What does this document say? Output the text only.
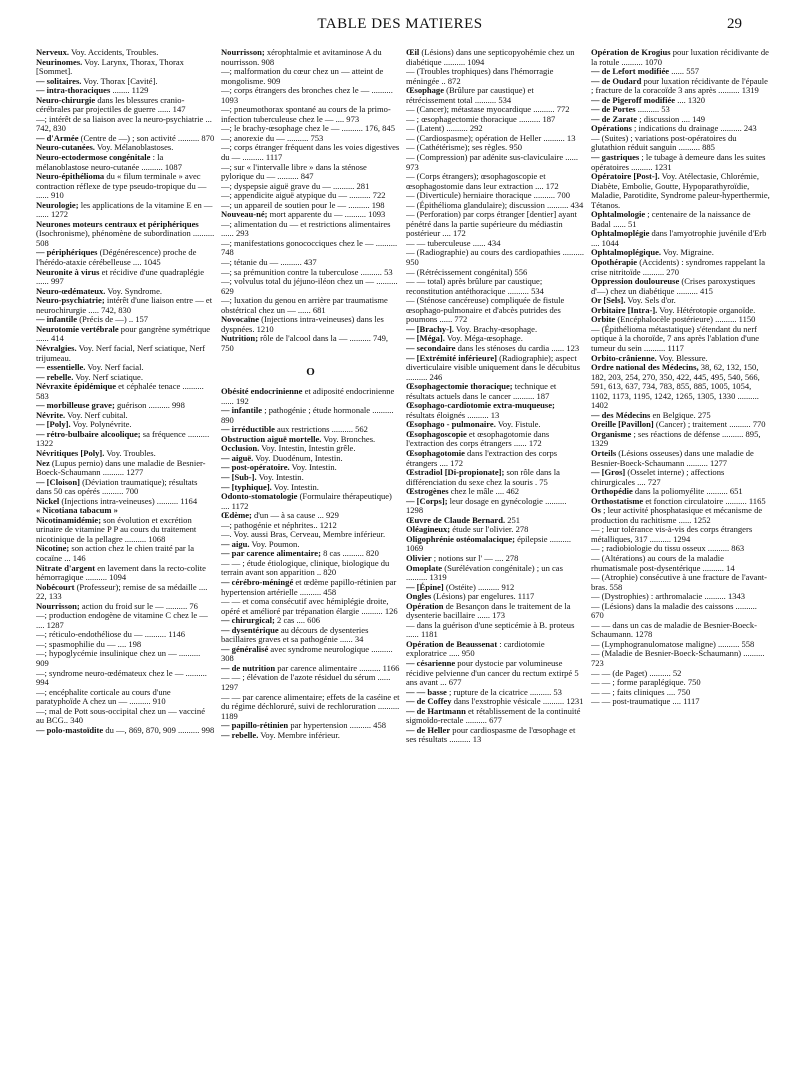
TABLE DES MATIERES	29

Nerveux. Voy. Accidents, Troubles.

Neurinomes. Voy. Larynx, Thorax, Thorax [Sommet].

— solitaires. Voy. Thorax [Cavité].

— intra-thoraciques ........ 1129

Neuro-chirurgie dans les blessures cranio-cérébrales par projectiles de guerre ...... 147

—; intérêt de sa liaison avec la neuro-psychiatrie ... 742, 830

— d'Armée (Centre de —) ; son activité .......... 870

Neuro-cutanées. Voy. Mélanoblastoses.

Neuro-ectodermose congénitale : la mélanoblastose neuro-cutanée .......... 1087

Neuro-épithélioma du « filum terminale » avec contraction réflexe de type pseudo-tropique du — ...... 910

Neurologie; les applications de la vitamine E en — ...... 1272

Neurones moteurs centraux et périphériques (Isochronisme), phénomène de subordination .......... 508

— périphériques (Dégénérescence) proche de l'hérédo-ataxie cérébelleuse .... 1045

Neuronite à virus et récidive d'une quadraplégie ...... 997

Neuro-œdémateux. Voy. Syndrome.

Neuro-psychiatrie; intérêt d'une liaison entre — et neurochirurgie ..... 742, 830

— infantile (Précis de —) .. 157

Neurotomie vertébrale pour gangrène symétrique ...... 414

Névralgies. Voy. Nerf facial, Nerf sciatique, Nerf trijumeau.

— essentielle. Voy. Nerf facial.

— rebelle. Voy. Nerf sciatique.

Névraxite épidémique et céphalée tenace .......... 583

— morbilleuse grave; guérison .......... 998

Névrite. Voy. Nerf cubital.

— [Poly]. Voy. Polynévrite.

— rétro-bulbaire alcoolique; sa fréquence .......... 1322

Névritiques [Poly]. Voy. Troubles.

Nez (Lupus pernio) dans une maladie de Besnier-Boeck-Schaumann .......... 1277

— [Cloison] (Déviation traumatique); résultats dans 50 cas opérés .......... 700

Nickel (Injections intra-veineuses) .......... 1164

« Nicotiana tabacum »

Nicotinamidémie; son évolution et excrétion urinaire de vitamine P P au cours du traitement nicotinique de la pellagre .......... 1068

Nicotine; son action chez le chien traité par la cocaïne ... 146

Nitrate d'argent en lavement dans la recto-colite hémorragique .......... 1094

Nobécourt (Professeur); remise de sa médaille .... 22, 133

Nourrisson; action du froid sur le — .......... 76

—; production endogène de vitamine C chez le — .... 1287

—; réticulo-endothéliose du — .......... 1146

—; spasmophilie du — .... 198

—; hypoglycémie insulinique chez un — .......... 909

—; syndrome neuro-œdémateux chez le — .......... 994

—; encéphalite corticale au cours d'une paratyphoïde A chez un — .......... 910

—; mal de Pott sous-occipital chez un — vacciné au BCG.. 340

— polo-mastoïdite du —, 869, 870, 909 .......... 998

Nourrisson; xérophtalmie et avitaminose A du nourrisson. 908

—; malformation du cœur chez un — atteint de mongolisme. 909

—; corps étrangers des bronches chez le — .......... 1093

—; pneumothorax spontané au cours de la primo-infection tuberculeuse chez le — .... 973

—; le brachy-œsophage chez le — .......... 176, 845

—; anorexie du — .......... 753

—; corps étranger fréquent dans les voies digestives du — .......... 1117

—; sur « l'intervalle libre » dans la sténose pylorique du — .......... 847

—; dyspepsie aiguë grave du — .......... 281

—; appendicite aiguë atypique du — .......... 722

—; un appareil de soutien pour le — .......... 198

Nouveau-né; mort apparente du — .......... 1093

—; alimentation du — et restrictions alimentaires ...... 293

—; manifestations gonococciques chez le — .......... 748

—; tétanie du — .......... 437

—; sa prémunition contre la tuberculose .......... 53

—; volvulus total du jéjuno-iléon chez un — .......... 629

—; luxation du genou en arrière par traumatisme obstétrical chez un — ...... 681

Novocaïne (Injections intra-veineuses) dans les dyspnées. 1210

Nutrition; rôle de l'alcool dans la — .......... 749, 750

O

Obésité endocrinienne et adiposité endocrinienne ...... 192

— infantile ; pathogénie ; étude hormonale .......... 890

— irréductible aux restrictions .......... 562

Obstruction aiguë mortelle. Voy. Bronches.

Occlusion. Voy. Intestin, Intestin grêle.

— aiguë. Voy. Duodénum, Intestin.

— post-opératoire. Voy. Intestin.

— [Sub-]. Voy. Intestin.

— [typhique]. Voy. Intestin.

Odonto-stomatologie (Formulaire thérapeutique) .... 1172

Œdème; d'un — à sa cause ... 929

—; pathogénie et néphrites.. 1212

—. Voy. aussi Bras, Cerveau, Membre inférieur.

— aigu. Voy. Poumon.

— par carence alimentaire; 8 cas .......... 820

— — ; étude étiologique, clinique, biologique du terrain avant son apparition .. 820

— cérébro-méningé et œdème papillo-rétinien par hypertension artérielle .......... 458

— — et coma consécutif avec hémiplégie droite, opéré et amélioré par trépanation élargie .......... 126

— chirurgical; 2 cas .... 606

— dysentérique au décours de dysenteries bacillaires graves et sa pathogénie ...... 34

— généralisé avec syndrome neurologique .......... 308

— de nutrition par carence alimentaire .......... 1166

— — ; élévation de l'azote résiduel du sérum ...... 1297

— — par carence alimentaire; effets de la caséine et du régime déchloruré, suivi de rechloruration .......... 1189

— papillo-rétinien par hypertension .......... 458

— rebelle. Voy. Membre inférieur.

Œil (Lésions) dans une septicopyohémie chez un diabétique .......... 1094

— (Troubles trophiques) dans l'hémorragie méningée .. 872

Œsophage (Brûlure par caustique) et rétrécissement total .......... 534

— (Cancer); métastase myocardique .......... 772

— ; œsophagectomie thoracique .......... 187

— (Latent) .......... 292

— (Cardiospasme); opération de Heller .......... 13

— (Cathétérisme); ses règles. 950

— (Compression) par adénite sus-claviculaire ...... 973

— (Corps étrangers); œsophagoscopie et œsophagostomie dans leur extraction .... 172

— (Diverticule) herniaire thoracique .......... 700

— (Épithélioma glandulaire); discussion .......... 434

— (Perforation) par corps étranger [dentier] ayant pénétré dans la partie supérieure du médiastin postérieur .... 172

— — tuberculeuse ...... 434

— (Radiographie) au cours des cardiopathies .......... 950

— (Rétrécissement congénital) 556

— — total) après brûlure par caustique; reconstitution antéthoracique .......... 534

— (Sténose cancéreuse) compliquée de fistule œsophago-pulmonaire et d'abcès putrides des poumons ...... 772

— [Brachy-]. Voy. Brachy-œsophage.

— [Méga]. Voy. Méga-œsophage.

— secondaire dans les sténoses du cardia ...... 123

— [Extrémité inférieure] (Radiographie); aspect diverticulaire visible uniquement dans le décubitus .......... 246

Œsophagectomie thoracique; technique et résultats actuels dans le cancer .......... 187

Œsophago-cardiotomie extra-muqueuse; résultats éloignés .......... 13

Œsophago - pulmonaire. Voy. Fistule.

Œsophagoscopie et œsophagotomie dans l'extraction des corps étrangers ...... 172

Œsophagotomie dans l'extraction des corps étrangers .... 172

Œstradiol [Di-propionate]; son rôle dans la différenciation du sexe chez la souris . 75

Œstrogènes chez le mâle .... 462

— [Corps]; leur dosage en gynécologie .......... 1298

Œuvre de Claude Bernard. 251

Oléagineux; étude sur l'olivier. 278

Oligophrénie ostéomalacique; épilepsie .......... 1069

Olivier ; notions sur l' — .... 278

Omoplate (Surélévation congénitale) ; un cas .......... 1319

— [Épine] (Ostéite) .......... 912

Ongles (Lésions) par engelures. 1117

Opération de Besançon dans le traitement de la dysenterie bacillaire ...... 173

— dans la guérison d'une septicémie à B. proteus ...... 1181

Opération de Beaussenat : cardiotomie exploratrice ..... 950

— césarienne pour dystocie par volumineuse récidive pelvienne d'un cancer du rectum extirpé 5 ans avant ... 677

— — basse ; rupture de la cicatrice .......... 53

— de Coffey dans l'exstrophie vésicale .......... 1231

— de Hartmann et rétablissement de la continuité sigmoïdo-rectale .......... 677

— de Heller pour cardiospasme de l'œsophage et ses résultats .......... 13

Opération de Krogius pour luxation récidivante de la rotule .......... 1070

— de Lefort modifiée ...... 557

— de Oudard pour luxation récidivante de l'épaule ; fracture de la coracoïde 3 ans après .......... 1319

— de Pigeroff modifiée .... 1320

— de Portes .......... 53

— de Zarate ; discussion .... 149

Opérations ; indications du drainage .......... 243

— (Suites) ; variations post-opératoires du glutathion réduit sanguin .......... 885

— gastriques ; le tubage à demeure dans les suites opératoires .......... 1231

Opératoire [Post-]. Voy. Atélectasie, Chlorémie, Diabète, Embolie, Goutte, Hypoparathyroïdie, Maladie, Parotidite, Syndrome paleur-hyperthermie, Tétanos.

Ophtalmologie ; centenaire de la naissance de Badal ...... 51

Ophtalmoplégie dans l'amyotrophie juvénile d'Erb .... 1044

Ophtalmoplégique. Voy. Migraine.

Opothérapie (Accidents) : syndromes rappelant la crise nitritoïde .......... 270

Oppression douloureuse (Crises paroxystiques d'—) chez un diabétique .......... 415

Or [Sels]. Voy. Sels d'or.

Orbitaire [Intra-]. Voy. Hétérotopie organoïde.

Orbite (Encéphalocèle postérieure) .......... 1150

— (Épithélioma métastatique) s'étendant du nerf optique à la choroïde, 7 ans après l'ablation d'une tumeur du sein .......... 1117

Orbito-crânienne. Voy. Blessure.

Ordre national des Médecins, 38, 62, 132, 150, 182, 203, 254, 270, 350, 422, 445, 495, 540, 566, 591, 613, 637, 734, 783, 855, 885, 1005, 1054, 1102, 1173, 1195, 1242, 1265, 1305, 1330 .......... 1402

— des Médecins en Belgique. 275

Oreille [Pavillon] (Cancer) ; traitement .......... 770

Organisme ; ses réactions de défense .......... 895, 1329

Orteils (Lésions osseuses) dans une maladie de Besnier-Boeck-Schaumann .......... 1277

— [Gros] (Osselet interne) ; affections chirurgicales .... 727

Orthopédie dans la poliomyélite .......... 651

Orthostatisme et fonction circulatoire .......... 1165

Os ; leur activité phosphatasique et mécanisme de production du rachitisme ...... 1252

— ; leur tolérance vis-à-vis des corps étrangers métalliques, 317 .......... 1294

— ; radiobiologie du tissu osseux .......... 863

— (Altérations) au cours de la maladie rhumatismale post-dysentérique .......... 14

— (Atrophie) consécutive à une fracture de l'avant-bras. 558

— (Dystrophies) : arthromalacie .......... 1343

— (Lésions) dans la maladie des caissons .......... 670

— — dans un cas de maladie de Besnier-Boeck-Schaumann. 1278

— (Lymphogranulomatose maligne) .......... 558

— (Maladie de Besnier-Boeck-Schaumann) .......... 723

— — (de Paget) .......... 52

— — ; forme paraplégique. 750

— — ; faits cliniques .... 750

— — post-traumatique .... 1117
